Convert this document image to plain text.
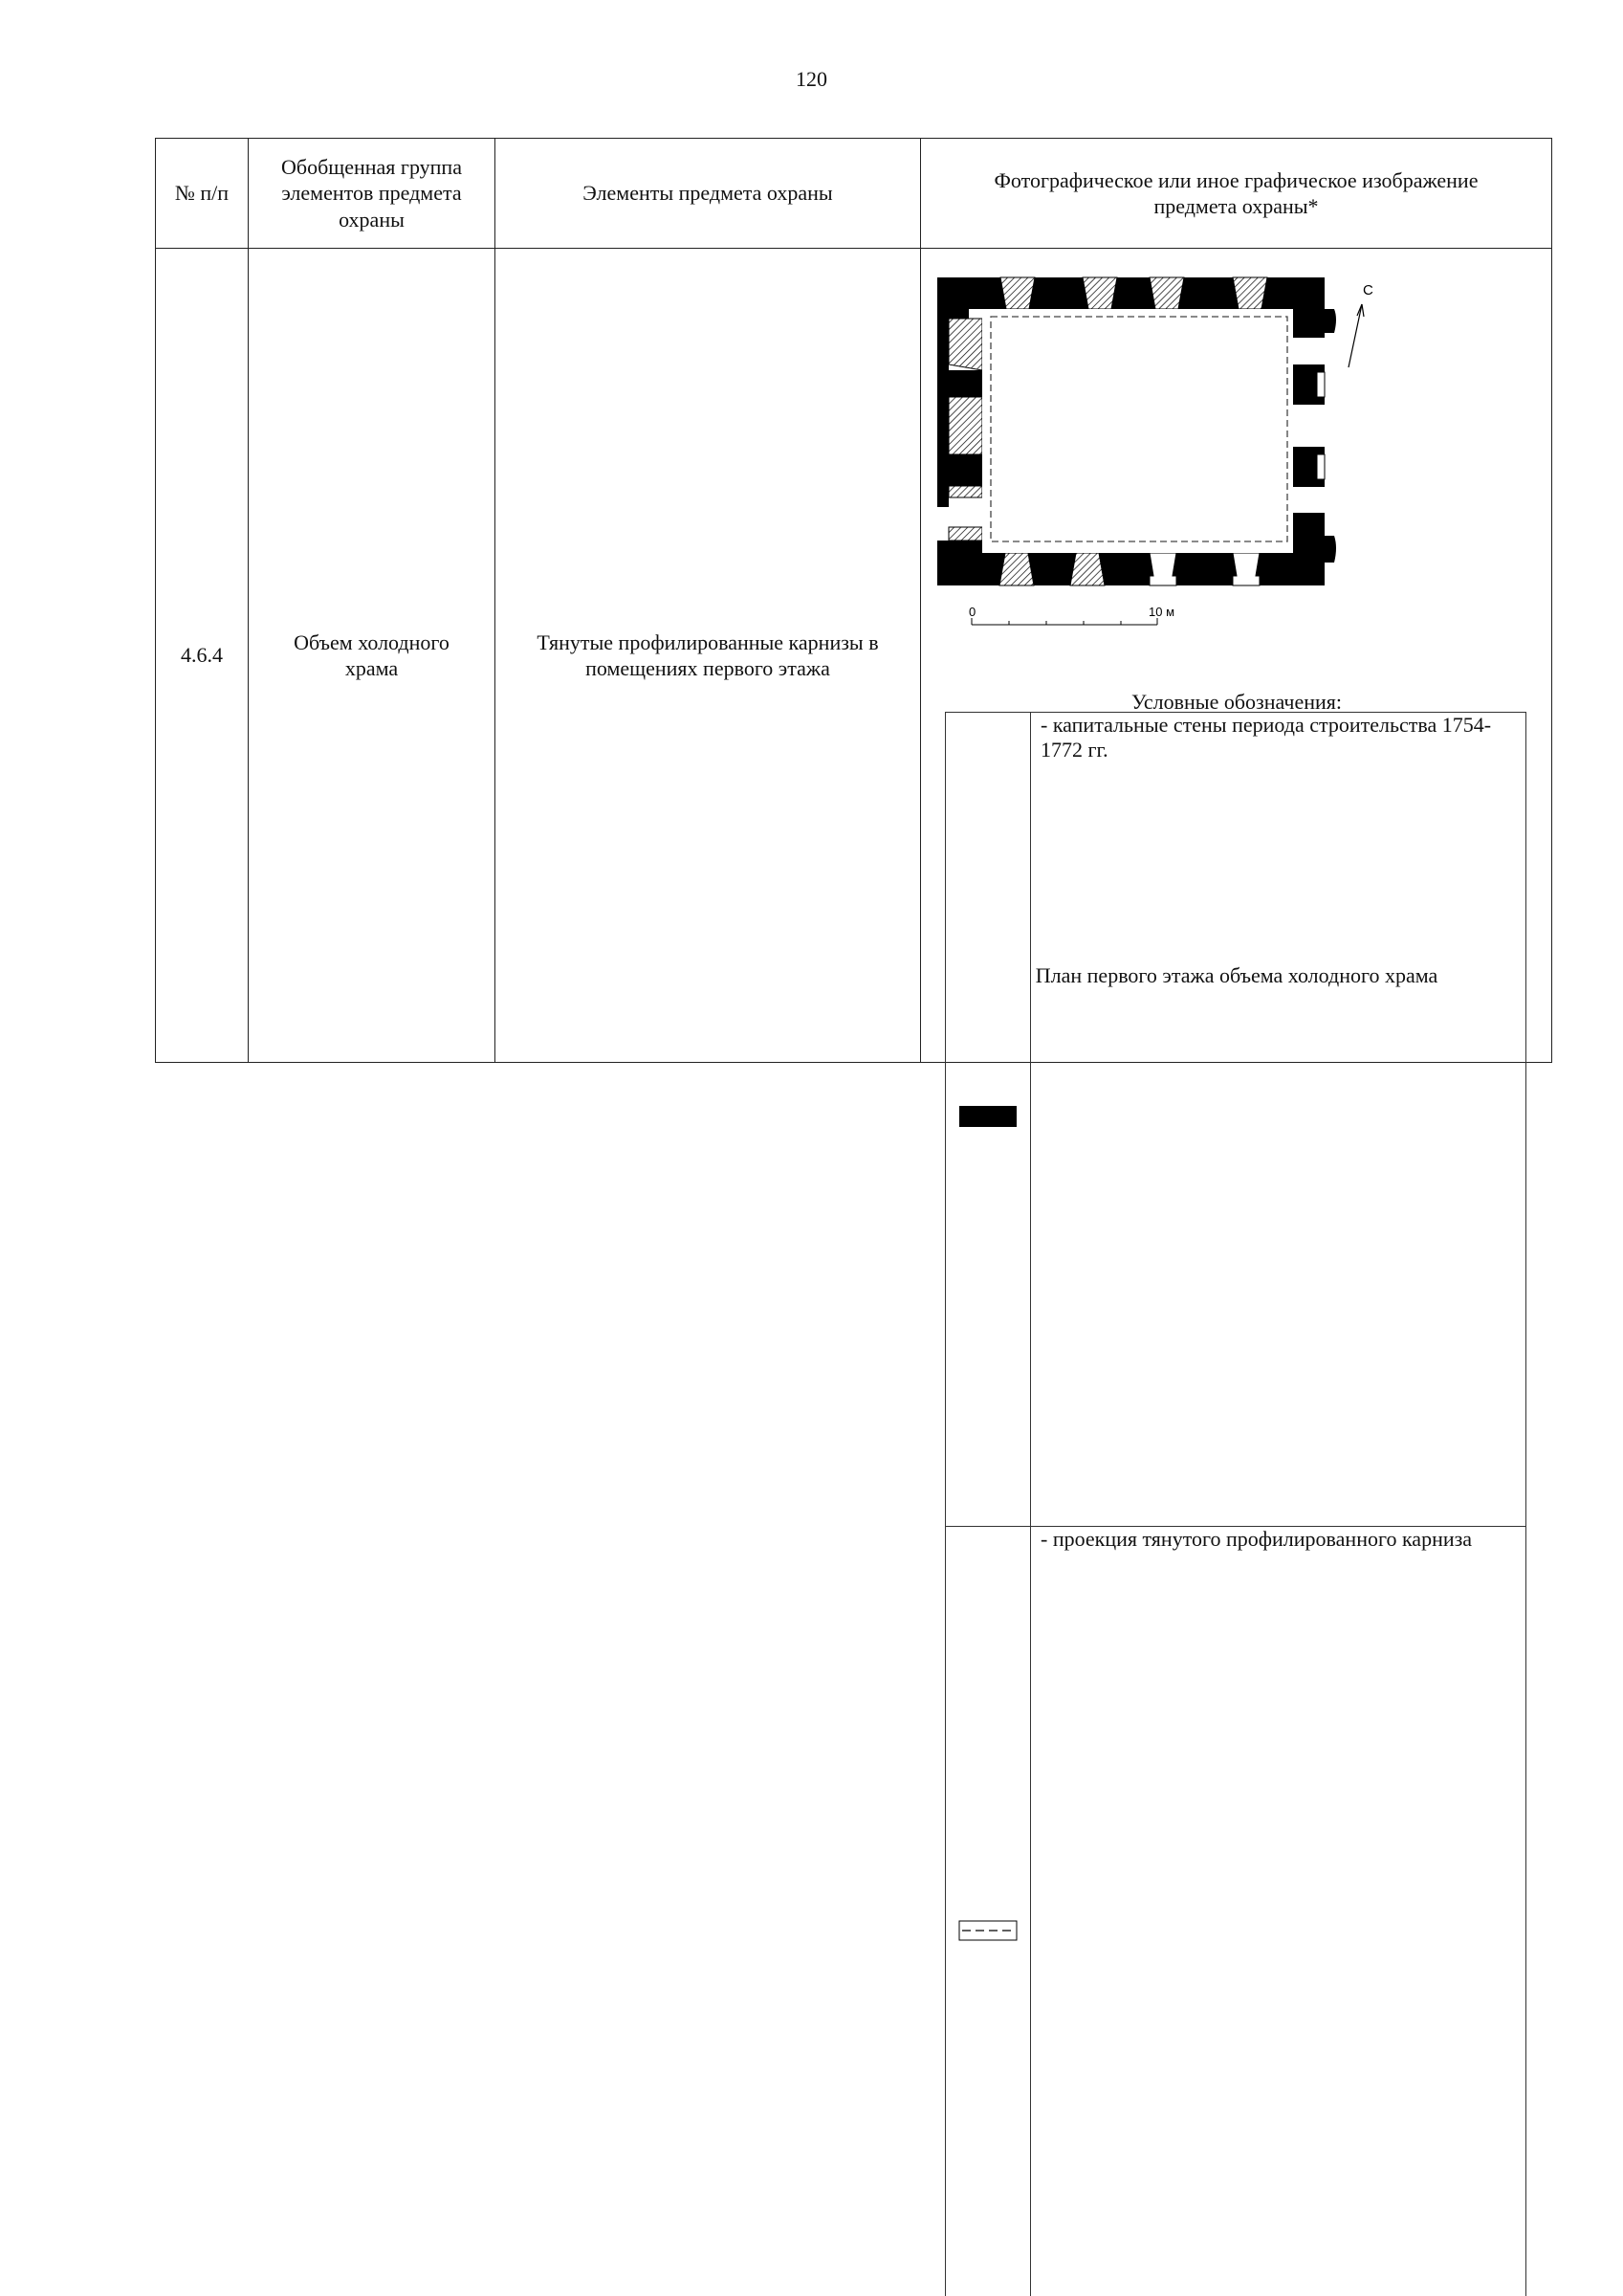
120
№ п/п	Обобщенная группа элементов предмета охраны	Элементы предмета охраны	Фотографическое или иное графическое изображение предмета охраны*
4.6.4	Объем холодного храма	Тянутые профилированные карнизы в помещениях первого этажа	
С
0	10 м
Условные обозначения:
	- капитальные стены периода строительства 1754-1772 гг.
	- проекция тянутого профилированного карниза
План первого этажа объема холодного храма
